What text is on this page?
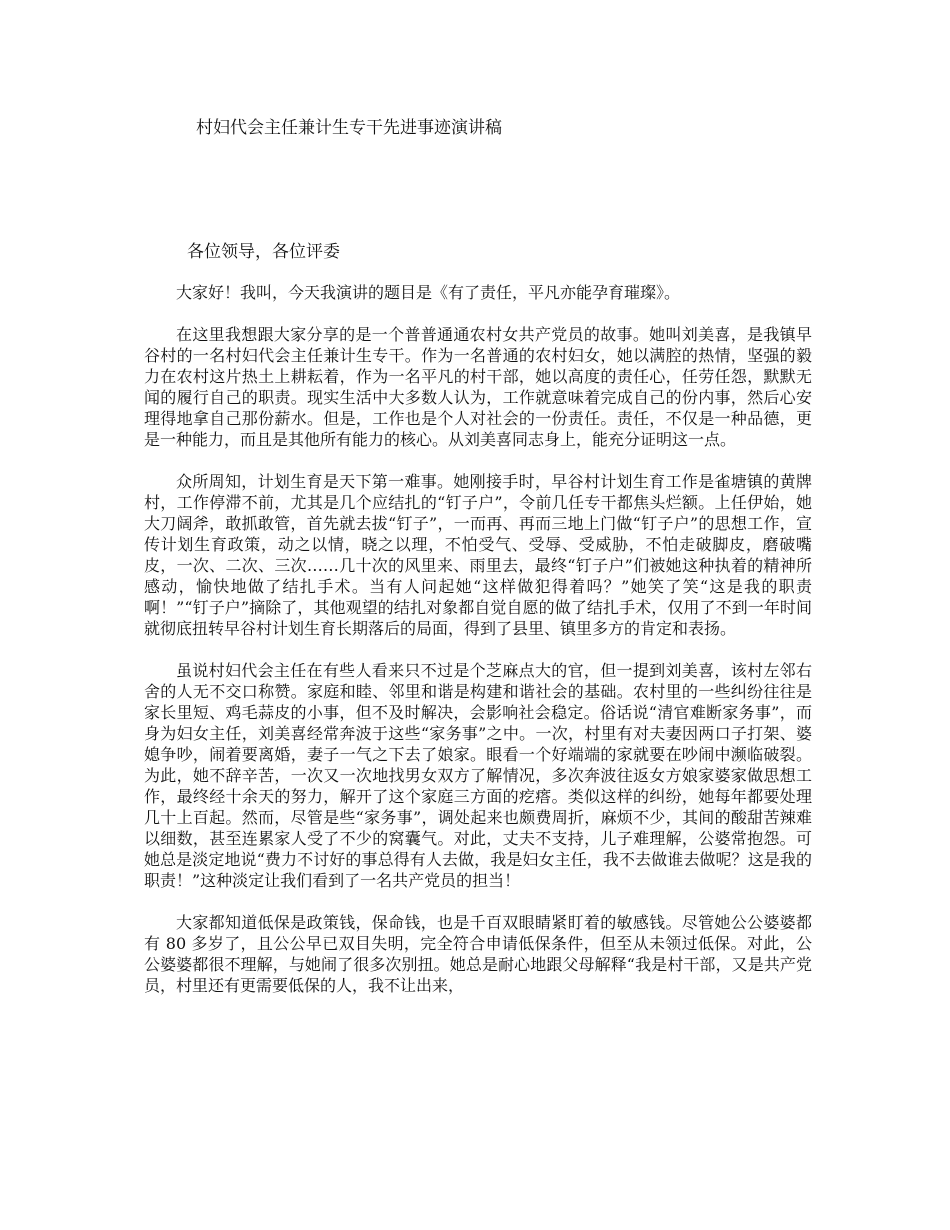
村妇代会主任兼计生专干先进事迹演讲稿

各位领导，各位评委

大家好！我叫，今天我演讲的题目是《有了责任，平凡亦能孕育璀璨》。

在这里我想跟大家分享的是一个普普通通农村女共产党员的故事。她叫刘美喜，是我镇早谷村的一名村妇代会主任兼计生专干。作为一名普通的农村妇女，她以满腔的热情，坚强的毅力在农村这片热土上耕耘着，作为一名平凡的村干部，她以高度的责任心，任劳任怨，默默无闻的履行自己的职责。现实生活中大多数人认为，工作就意味着完成自己的份内事，然后心安理得地拿自己那份薪水。但是，工作也是个人对社会的一份责任。责任，不仅是一种品德，更是一种能力，而且是其他所有能力的核心。从刘美喜同志身上，能充分证明这一点。

众所周知，计划生育是天下第一难事。她刚接手时，早谷村计划生育工作是雀塘镇的黄牌村，工作停滞不前，尤其是几个应结扎的“钉子户”，令前几任专干都焦头烂额。上任伊始，她大刀阔斧，敢抓敢管，首先就去拔“钉子”，一而再、再而三地上门做“钉子户”的思想工作，宣传计划生育政策，动之以情，晓之以理，不怕受气、受辱、受威胁，不怕走破脚皮，磨破嘴皮，一次、二次、三次……几十次的风里来、雨里去，最终“钉子户”们被她这种执着的精神所感动，愉快地做了结扎手术。当有人问起她“这样做犯得着吗？”她笑了笑“这是我的职责啊！”“钉子户”摘除了，其他观望的结扎对象都自觉自愿的做了结扎手术，仅用了不到一年时间就彻底扭转早谷村计划生育长期落后的局面，得到了县里、镇里多方的肯定和表扬。

虽说村妇代会主任在有些人看来只不过是个芝麻点大的官，但一提到刘美喜，该村左邻右舍的人无不交口称赞。家庭和睦、邻里和谐是构建和谐社会的基础。农村里的一些纠纷往往是家长里短、鸡毛蒜皮的小事，但不及时解决，会影响社会稳定。俗话说“清官难断家务事”，而身为妇女主任，刘美喜经常奔波于这些“家务事”之中。一次，村里有对夫妻因两口子打架、婆媳争吵，闹着要离婚，妻子一气之下去了娘家。眼看一个好端端的家就要在吵闹中濒临破裂。为此，她不辞辛苦，一次又一次地找男女双方了解情况，多次奔波往返女方娘家婆家做思想工作，最终经十余天的努力，解开了这个家庭三方面的疙瘩。类似这样的纠纷，她每年都要处理几十上百起。然而，尽管是些“家务事”，调处起来也颇费周折，麻烦不少，其间的酸甜苦辣难以细数，甚至连累家人受了不少的窝囊气。对此，丈夫不支持，儿子难理解，公婆常抱怨。可她总是淡定地说“费力不讨好的事总得有人去做，我是妇女主任，我不去做谁去做呢？这是我的职责！”这种淡定让我们看到了一名共产党员的担当！

大家都知道低保是政策钱，保命钱，也是千百双眼睛紧盯着的敏感钱。尽管她公公婆婆都有 80 多岁了，且公公早已双目失明，完全符合申请低保条件，但至从未领过低保。对此，公公婆婆都很不理解，与她闹了很多次别扭。她总是耐心地跟父母解释“我是村干部，又是共产党员，村里还有更需要低保的人，我不让出来，
